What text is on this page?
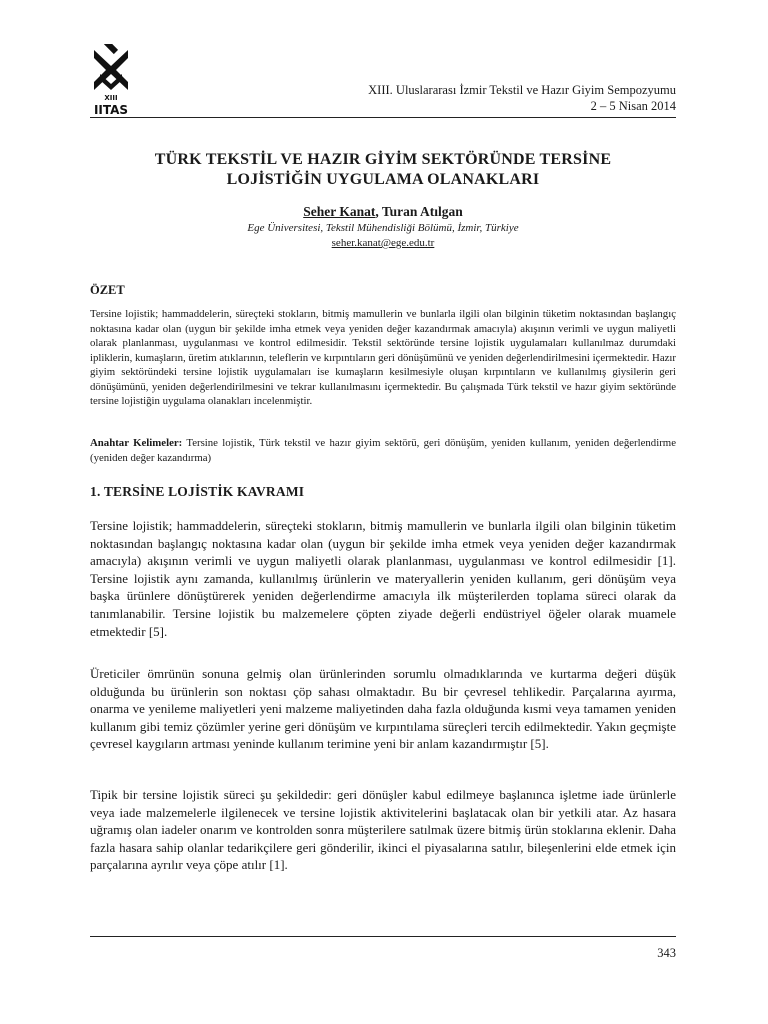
XIII
IITAS
XIII. Uluslararası İzmir Tekstil ve Hazır Giyim Sempozyumu
2 – 5 Nisan 2014
TÜRK TEKSTİL VE HAZIR GİYİM SEKTÖRÜNDE TERSİNE
LOJİSTİĞİN UYGULAMA OLANAKLARI
Seher Kanat, Turan Atılgan
Ege Üniversitesi, Tekstil Mühendisliği Bölümü, İzmir, Türkiye
seher.kanat@ege.edu.tr
ÖZET

Tersine lojistik; hammaddelerin, süreçteki stokların, bitmiş mamullerin ve bunlarla ilgili olan bilginin tüketim noktasından başlangıç noktasına kadar olan (uygun bir şekilde imha etmek veya yeniden değer kazandırmak amacıyla) akışının verimli ve uygun maliyetli olarak planlanması, uygulanması ve kontrol edilmesidir. Tekstil sektöründe tersine lojistik uygulamaları kullanılmaz durumdaki ipliklerin, kumaşların, üretim atıklarının, teleflerin ve kırpıntıların geri dönüşümünü ve yeniden değerlendirilmesini içermektedir. Hazır giyim sektöründeki tersine lojistik uygulamaları ise kumaşların kesilmesiyle oluşan kırpıntıların ve kullanılmış giysilerin geri dönüşümünü, yeniden değerlendirilmesini ve tekrar kullanılmasını içermektedir. Bu çalışmada Türk tekstil ve hazır giyim sektöründe tersine lojistiğin uygulama olanakları incelenmiştir.

Anahtar Kelimeler: Tersine lojistik, Türk tekstil ve hazır giyim sektörü, geri dönüşüm, yeniden kullanım, yeniden değerlendirme (yeniden değer kazandırma)

1. TERSİNE LOJİSTİK KAVRAMI

Tersine lojistik; hammaddelerin, süreçteki stokların, bitmiş mamullerin ve bunlarla ilgili olan bilginin tüketim noktasından başlangıç noktasına kadar olan (uygun bir şekilde imha etmek veya yeniden değer kazandırmak amacıyla) akışının verimli ve uygun maliyetli olarak planlanması, uygulanması ve kontrol edilmesidir [1]. Tersine lojistik aynı zamanda, kullanılmış ürünlerin ve materyallerin yeniden kullanım, geri dönüşüm veya başka ürünlere dönüştürerek yeniden değerlendirme amacıyla ilk müşterilerden toplama süreci olarak da tanımlanabilir. Tersine lojistik bu malzemelere çöpten ziyade değerli endüstriyel öğeler olarak muamele etmektedir [5].

Üreticiler ömrünün sonuna gelmiş olan ürünlerinden sorumlu olmadıklarında ve kurtarma değeri düşük olduğunda bu ürünlerin son noktası çöp sahası olmaktadır. Bu bir çevresel tehlikedir. Parçalarına ayırma, onarma ve yenileme maliyetleri yeni malzeme maliyetinden daha fazla olduğunda kısmi veya tamamen yeniden kullanım gibi temiz çözümler yerine geri dönüşüm ve kırpıntılama süreçleri tercih edilmektedir. Yakın geçmişte çevresel kaygıların artması yeninde kullanım terimine yeni bir anlam kazandırmıştır [5].

Tipik bir tersine lojistik süreci şu şekildedir: geri dönüşler kabul edilmeye başlanınca işletme iade ürünlerle veya iade malzemelerle ilgilenecek ve tersine lojistik aktivitelerini başlatacak olan bir yetkili atar. Az hasara uğramış olan iadeler onarım ve kontrolden sonra müşterilere satılmak üzere bitmiş ürün stoklarına eklenir. Daha fazla hasara sahip olanlar tedarikçilere geri gönderilir, ikinci el piyasalarına satılır, bileşenlerini elde etmek için parçalarına ayrılır veya çöpe atılır [1].

343
